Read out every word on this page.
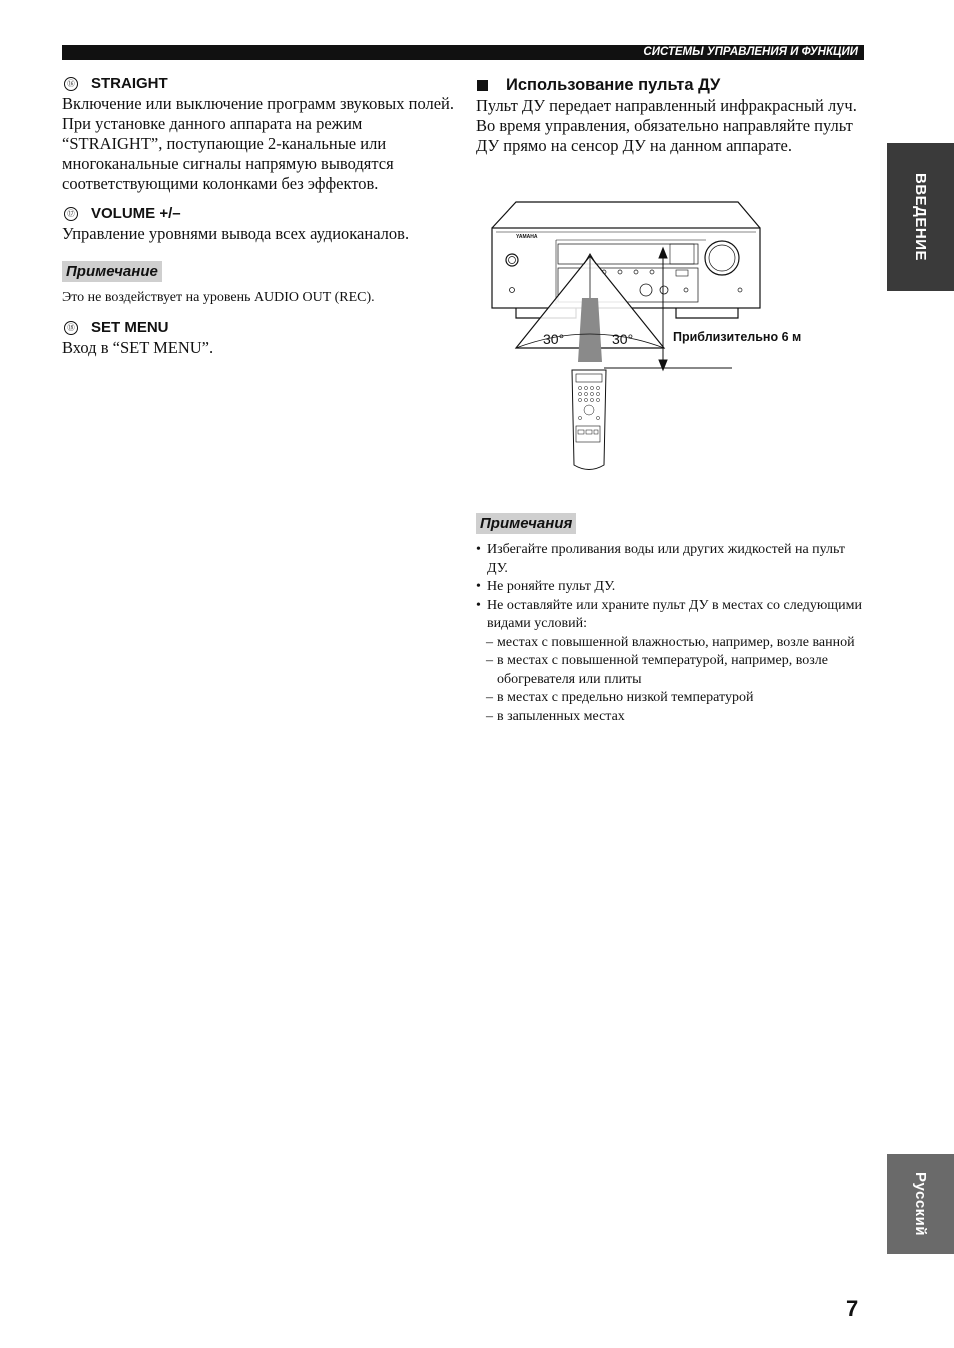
СИСТЕМЫ УПРАВЛЕНИЯ И ФУНКЦИИ
⑯ STRAIGHT

Включение или выключение программ звуковых полей. При установке данного аппарата на режим “STRAIGHT”, поступающие 2-канальные или многоканальные сигналы напрямую выводятся соответствующими колонками без эффектов.

⑰ VOLUME +/–

Управление уровнями вывода всех аудиоканалов.

Примечание

Это не воздействует на уровень AUDIO OUT (REC).

⑱ SET MENU

Вход в “SET MENU”.

Использование пульта ДУ

Пульт ДУ передает направленный инфракрасный луч.

Во время управления, обязательно направляйте пульт ДУ прямо на сенсор ДУ на данном аппарате.

YAMAHA
30°	30°	Приблизительно 6 м
Примечания
• Избегайте проливания воды или других жидкостей на пульт ДУ.
• Не роняйте пульт ДУ.
• Не оставляйте или храните пульт ДУ в местах со следующими видами условий:
– местах с повышенной влажностью, например, возле ванной
– в местах с повышенной температурой, например, возле обогревателя или плиты
– в местах с предельно низкой температурой
– в запыленных местах
ВВЕДЕНИЕ
Русский
7
